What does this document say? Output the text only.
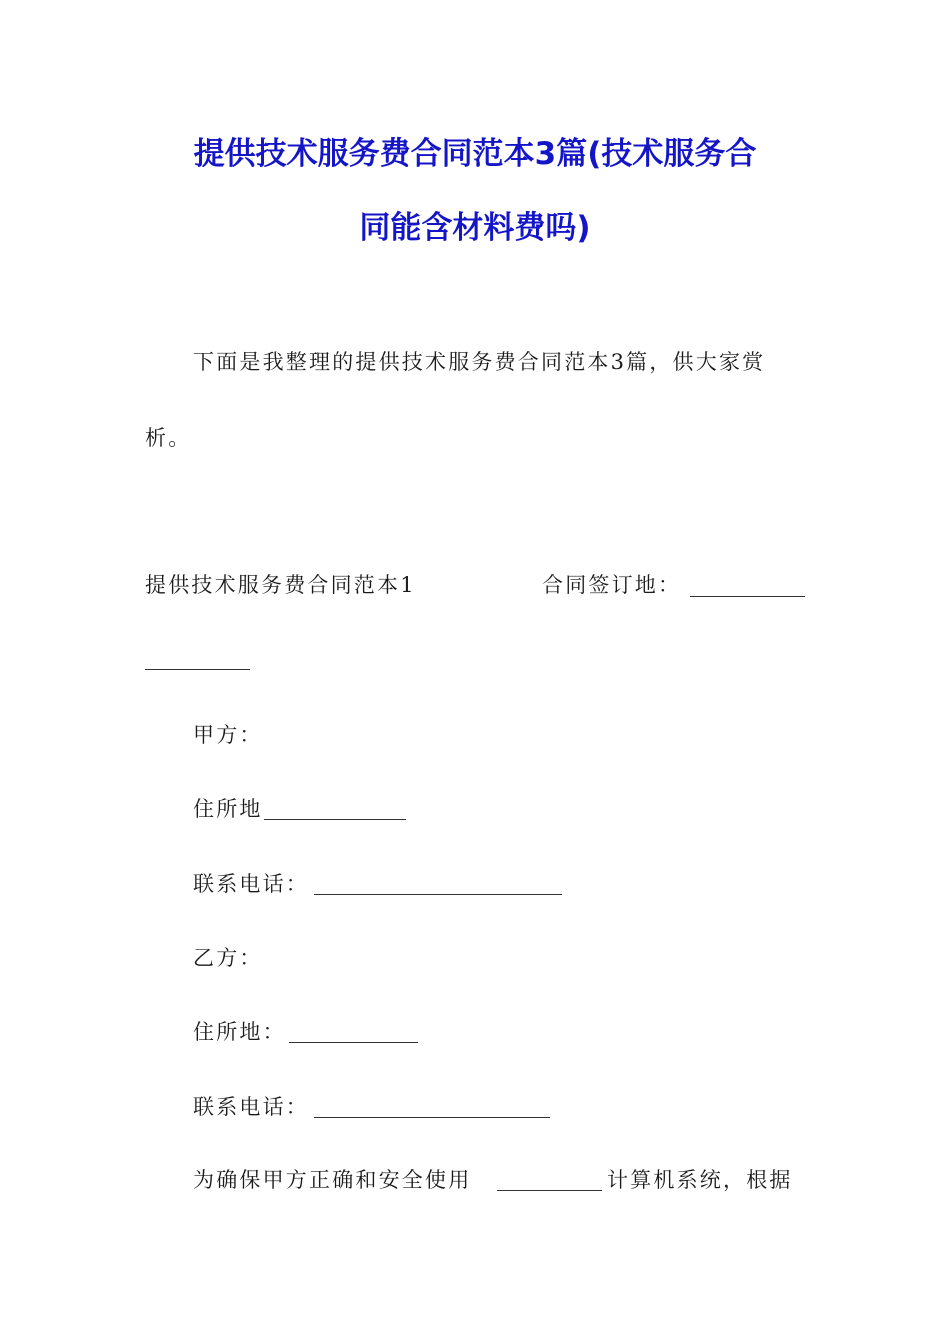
提供技术服务费合同范本3篇(技术服务合
同能含材料费吗)
下面是我整理的提供技术服务费合同范本3篇，供大家赏
析。
提供技术服务费合同范本1	合同签订地：
甲方：
住所地
联系电话：
乙方：
住所地：
联系电话：
为确保甲方正确和安全使用	计算机系统，根据
